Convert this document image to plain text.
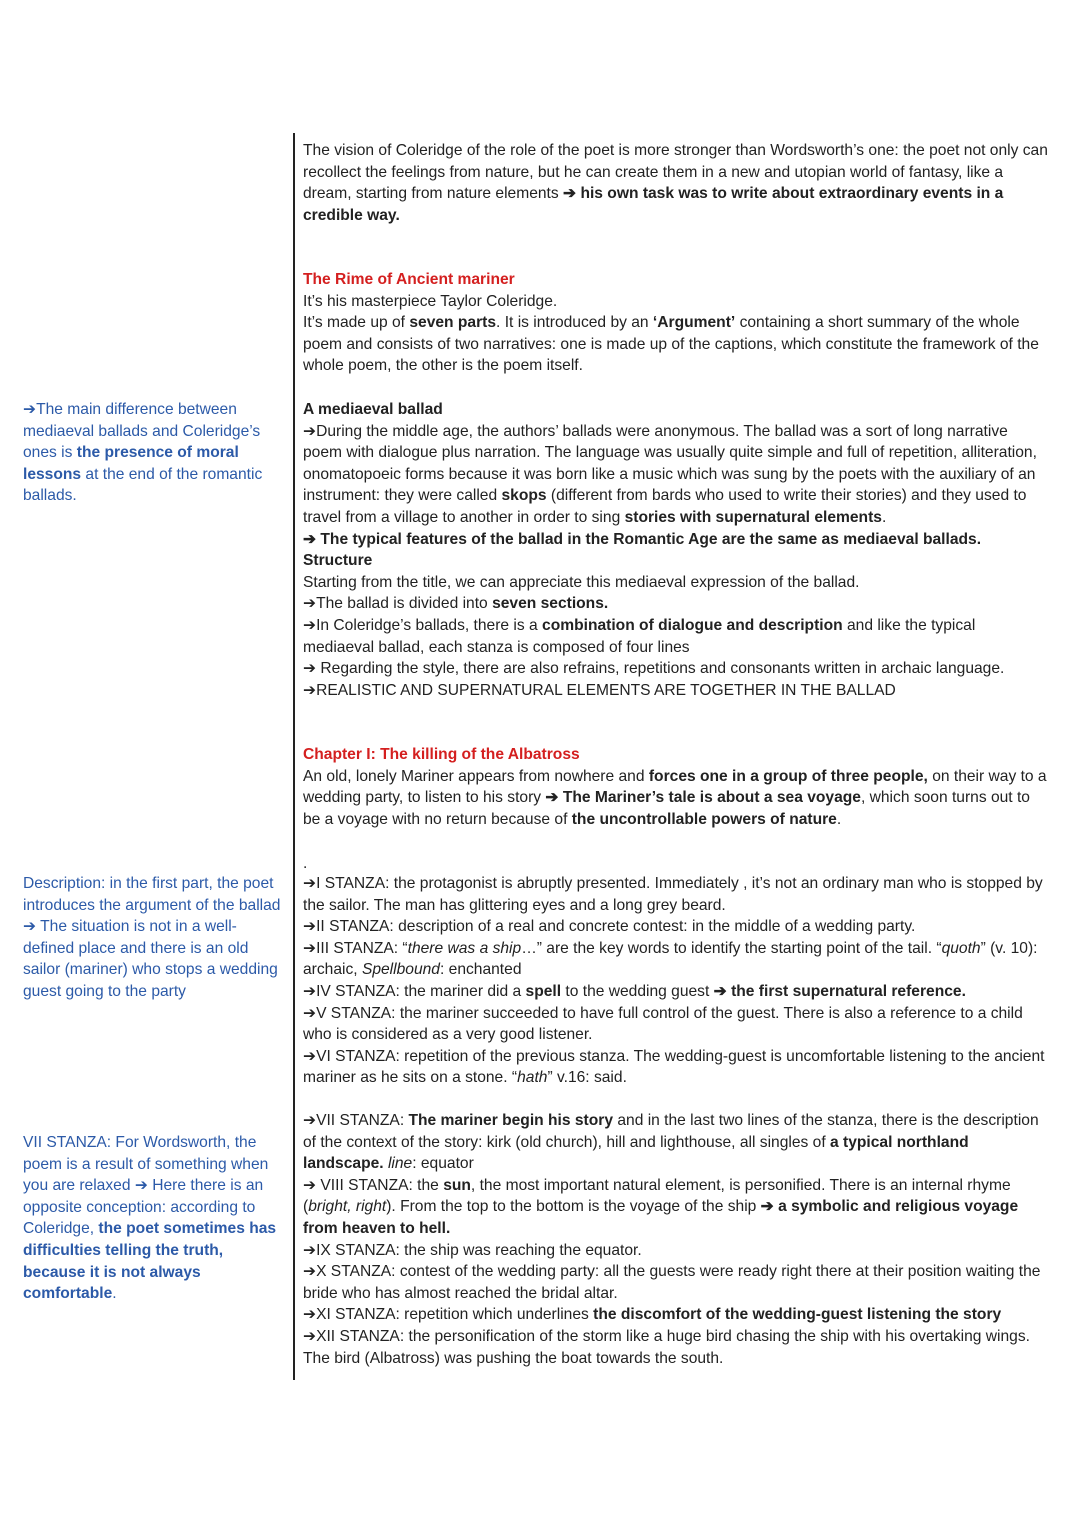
The vision of Coleridge of the role of the poet is more stronger than Wordsworth’s one: the poet not only can recollect the feelings from nature, but he can create them in a new and utopian world of fantasy, like a dream, starting from nature elements ➔ his own task was to write about extraordinary events in a credible way.

The Rime of Ancient mariner

It’s his masterpiece Taylor Coleridge.

It’s made up of seven parts. It is introduced by an ‘Argument’ containing a short summary of the whole poem and consists of two narratives: one is made up of the captions, which constitute the framework of the whole poem, the other is the poem itself.

A mediaeval ballad

➔During the middle age, the authors’ ballads were anonymous. The ballad was a sort of long narrative poem with dialogue plus narration. The language was usually quite simple and full of repetition, alliteration, onomatopoeic forms because it was born like a music which was sung by the poets with the auxiliary of an instrument: they were called skops (different from bards who used to write their stories) and they used to travel from a village to another in order to sing stories with supernatural elements.

➔ The typical features of the ballad in the Romantic Age are the same as mediaeval ballads.

Structure

Starting from the title, we can appreciate this mediaeval expression of the ballad.

➔The ballad is divided into seven sections.

➔In Coleridge’s ballads, there is a combination of dialogue and description and like the typical mediaeval ballad, each stanza is composed of four lines

➔ Regarding the style, there are also refrains, repetitions and consonants written in archaic language.

➔REALISTIC AND SUPERNATURAL ELEMENTS ARE TOGETHER IN THE BALLAD

Chapter I: The killing of the Albatross

An old, lonely Mariner appears from nowhere and forces one in a group of three people, on their way to a wedding party, to listen to his story ➔ The Mariner’s tale is about a sea voyage, which soon turns out to be a voyage with no return because of the uncontrollable powers of nature.

.

➔I STANZA: the protagonist is abruptly presented. Immediately , it’s not an ordinary man who is stopped by the sailor. The man has glittering eyes and a long grey beard.

➔II STANZA: description of a real and concrete contest: in the middle of a wedding party.

➔III STANZA: “there was a ship…” are the key words to identify the starting point of the tail. “quoth” (v. 10): archaic, Spellbound: enchanted

➔IV STANZA: the mariner did a spell to the wedding guest ➔ the first supernatural reference.

➔V STANZA: the mariner succeeded to have full control of the guest. There is also a reference to a child who is considered as a very good listener.

➔VI STANZA: repetition of the previous stanza. The wedding-guest is uncomfortable listening to the ancient mariner as he sits on a stone. “hath” v.16: said.

➔VII STANZA: The mariner begin his story and in the last two lines of the stanza, there is the description of the context of the story: kirk (old church), hill and lighthouse, all singles of a typical northland landscape. line: equator

➔ VIII STANZA: the sun, the most important natural element, is personified. There is an internal rhyme (bright, right). From the top to the bottom is the voyage of the ship ➔ a symbolic and religious voyage from heaven to hell.

➔IX STANZA: the ship was reaching the equator.

➔X STANZA: contest of the wedding party: all the guests were ready right there at their position waiting the bride who has almost reached the bridal altar.

➔XI STANZA: repetition which underlines the discomfort of the wedding-guest listening the story

➔XII STANZA: the personification of the storm like a huge bird chasing the ship with his overtaking wings. The bird (Albatross) was pushing the boat towards the south.

➔The main difference between mediaeval ballads and Coleridge’s ones is the presence of moral lessons at the end of the romantic ballads.

Description: in the first part, the poet introduces the argument of the ballad ➔ The situation is not in a well-defined place and there is an old sailor (mariner) who stops a wedding guest going to the party

VII STANZA: For Wordsworth, the poem is a result of something when you are relaxed ➔ Here there is an opposite conception: according to Coleridge, the poet sometimes has difficulties telling the truth, because it is not always comfortable.
